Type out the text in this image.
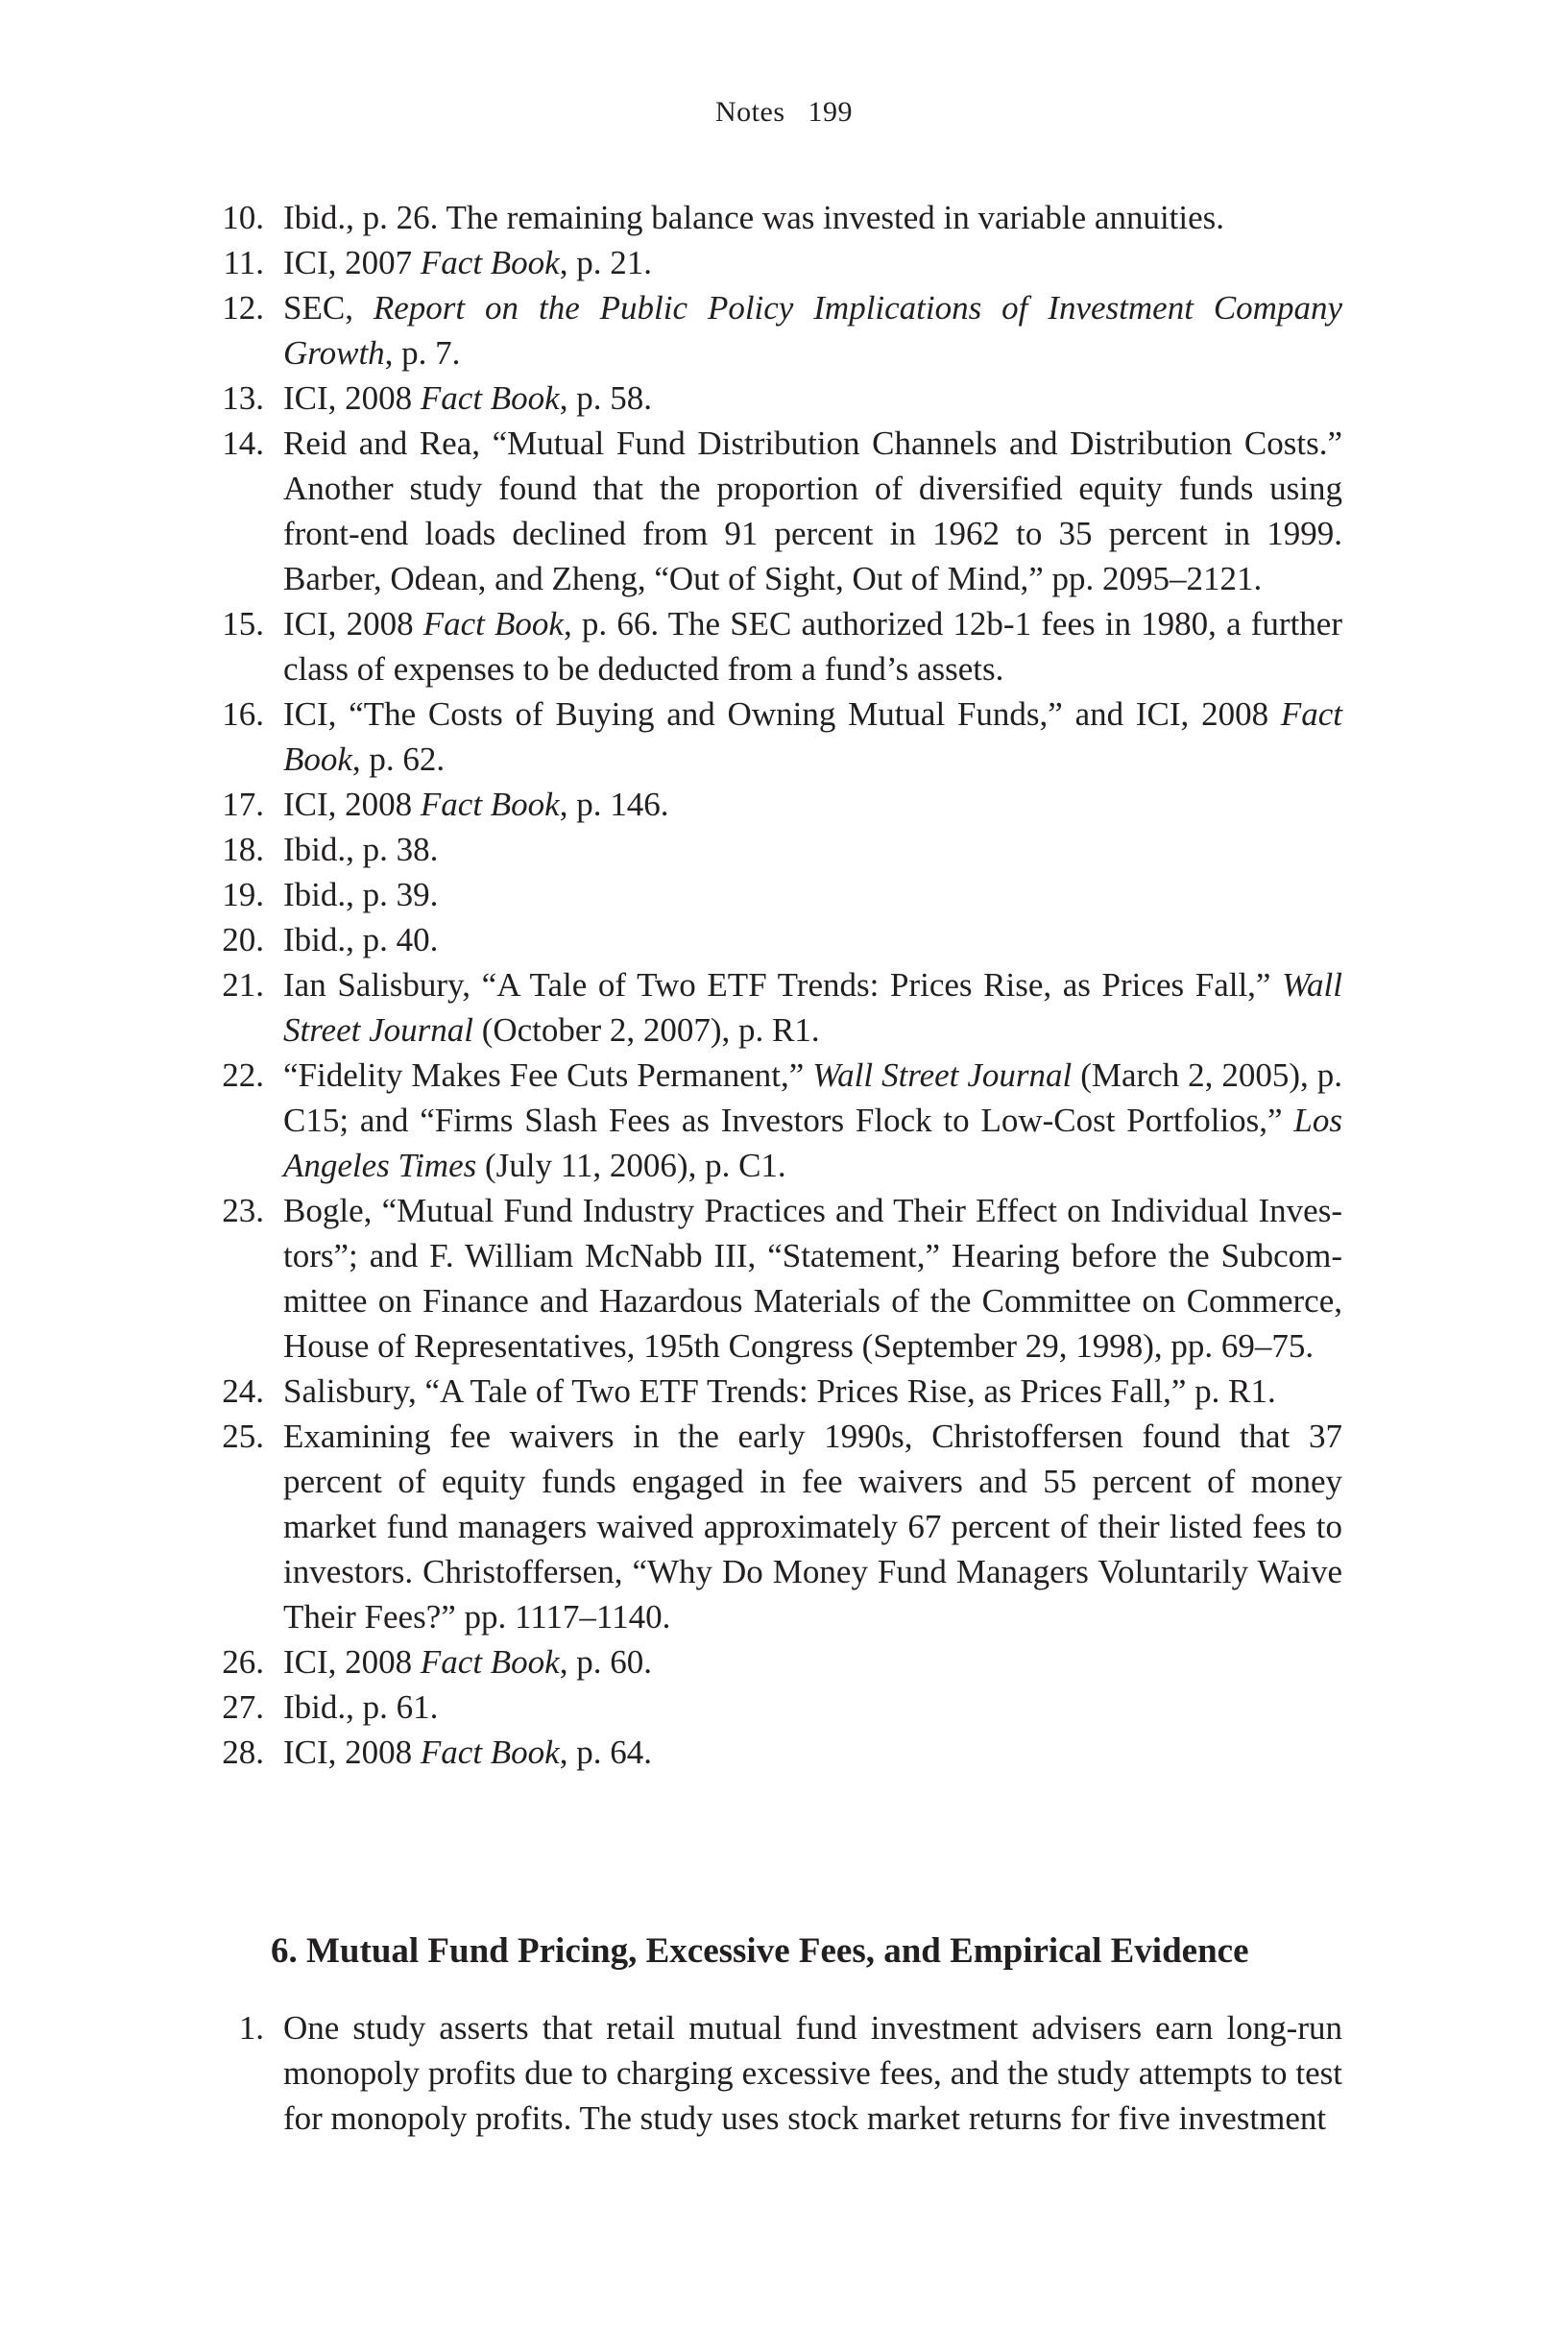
Notes 199
10. Ibid., p. 26. The remaining balance was invested in variable annuities.
11. ICI, 2007 Fact Book, p. 21.
12. SEC, Report on the Public Policy Implications of Investment Company Growth, p. 7.
13. ICI, 2008 Fact Book, p. 58.
14. Reid and Rea, “Mutual Fund Distribution Channels and Distribution Costs.” Another study found that the proportion of diversified equity funds using front-end loads declined from 91 percent in 1962 to 35 percent in 1999. Barber, Odean, and Zheng, “Out of Sight, Out of Mind,” pp. 2095–2121.
15. ICI, 2008 Fact Book, p. 66. The SEC authorized 12b-1 fees in 1980, a further class of expenses to be deducted from a fund’s assets.
16. ICI, “The Costs of Buying and Owning Mutual Funds,” and ICI, 2008 Fact Book, p. 62.
17. ICI, 2008 Fact Book, p. 146.
18. Ibid., p. 38.
19. Ibid., p. 39.
20. Ibid., p. 40.
21. Ian Salisbury, “A Tale of Two ETF Trends: Prices Rise, as Prices Fall,” Wall Street Journal (October 2, 2007), p. R1.
22. “Fidelity Makes Fee Cuts Permanent,” Wall Street Journal (March 2, 2005), p. C15; and “Firms Slash Fees as Investors Flock to Low-Cost Portfolios,” Los Angeles Times (July 11, 2006), p. C1.
23. Bogle, “Mutual Fund Industry Practices and Their Effect on Individual Investors”; and F. William McNabb III, “Statement,” Hearing before the Subcommittee on Finance and Hazardous Materials of the Committee on Commerce, House of Representatives, 195th Congress (September 29, 1998), pp. 69–75.
24. Salisbury, “A Tale of Two ETF Trends: Prices Rise, as Prices Fall,” p. R1.
25. Examining fee waivers in the early 1990s, Christoffersen found that 37 percent of equity funds engaged in fee waivers and 55 percent of money market fund managers waived approximately 67 percent of their listed fees to investors. Christoffersen, “Why Do Money Fund Managers Voluntarily Waive Their Fees?” pp. 1117–1140.
26. ICI, 2008 Fact Book, p. 60.
27. Ibid., p. 61.
28. ICI, 2008 Fact Book, p. 64.
6. Mutual Fund Pricing, Excessive Fees, and Empirical Evidence
1. One study asserts that retail mutual fund investment advisers earn long-run monopoly profits due to charging excessive fees, and the study attempts to test for monopoly profits. The study uses stock market returns for five investment
